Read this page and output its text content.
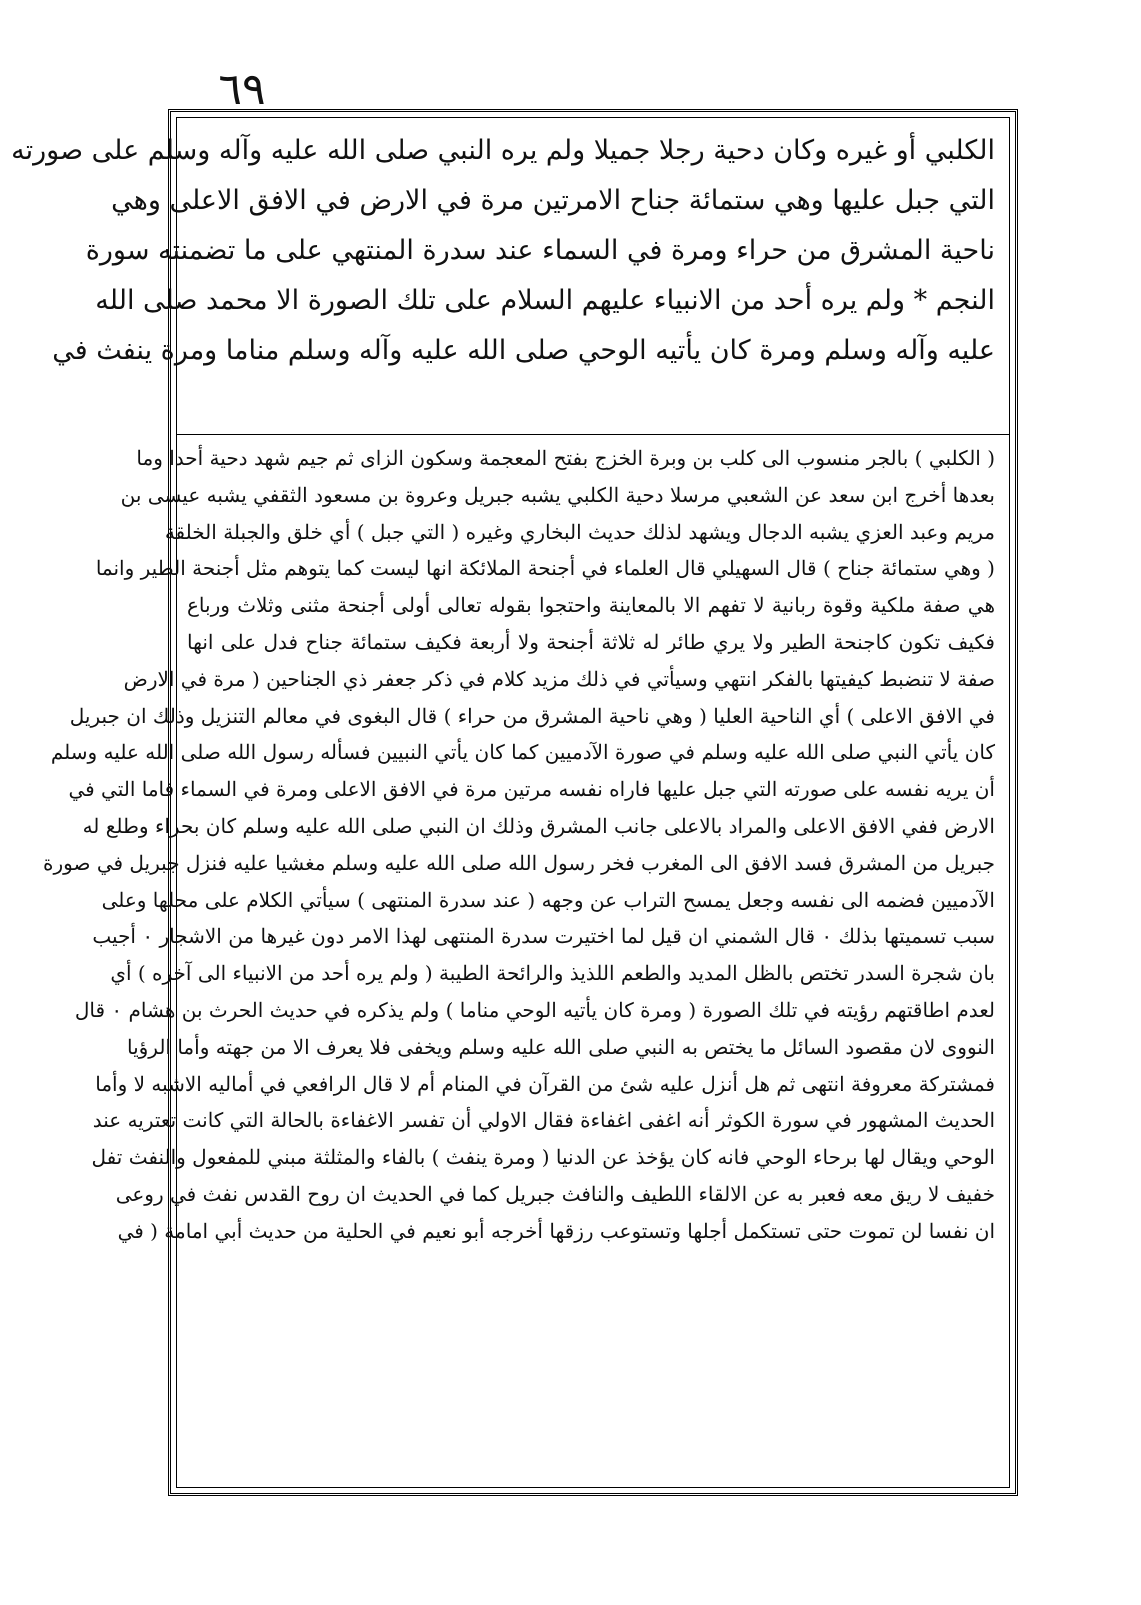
٦٩
الكلبي أو غيره وكان دحية رجلا جميلا ولم يره النبي صلى الله عليه وآله وسلم على صورته
التي جبل عليها وهي ستمائة جناح الامرتين مرة في الارض في الافق الاعلى وهي
ناحية المشرق من حراء ومرة في السماء عند سدرة المنتهي على ما تضمنته سورة
النجم * ولم يره أحد من الانبياء عليهم السلام على تلك الصورة الا محمد صلى الله
عليه وآله وسلم ومرة كان يأتيه الوحي صلى الله عليه وآله وسلم مناما ومرة ينفث في
( الكلبي ) بالجر منسوب الى كلب بن وبرة الخزج بفتح المعجمة وسكون الزاى ثم جيم شهد دحية أحدا وما
بعدها أخرج ابن سعد عن الشعبي مرسلا دحية الكلبي يشبه جبريل وعروة بن مسعود الثقفي يشبه عيسى بن
مريم وعبد العزي يشبه الدجال ويشهد لذلك حديث البخاري وغيره ( التي جبل ) أي خلق والجبلة الخلقة
( وهي ستمائة جناح ) قال السهيلي قال العلماء في أجنحة الملائكة انها ليست كما يتوهم مثل أجنحة الطير وانما
هي صفة ملكية وقوة ربانية لا تفهم الا بالمعاينة واحتجوا بقوله تعالى أولى أجنحة مثنى وثلاث ورباع
فكيف تكون كاجنحة الطير ولا يري طائر له ثلاثة أجنحة ولا أربعة فكيف ستمائة جناح فدل على انها
صفة لا تنضبط كيفيتها بالفكر انتهي وسيأتي في ذلك مزيد كلام في ذكر جعفر ذي الجناحين ( مرة في الارض
في الافق الاعلى ) أي الناحية العليا ( وهي ناحية المشرق من حراء ) قال البغوى في معالم التنزيل وذلك ان جبريل
كان يأتي النبي صلى الله عليه وسلم في صورة الآدميين كما كان يأتي النبيين فسأله رسول الله صلى الله عليه وسلم
أن يريه نفسه على صورته التي جبل عليها فاراه نفسه مرتين مرة في الافق الاعلى ومرة في السماء فاما التي في
الارض ففي الافق الاعلى والمراد بالاعلى جانب المشرق وذلك ان النبي صلى الله عليه وسلم كان بحراء وطلع له
جبريل من المشرق فسد الافق الى المغرب فخر رسول الله صلى الله عليه وسلم مغشيا عليه فنزل جبريل في صورة
الآدميين فضمه الى نفسه وجعل يمسح التراب عن وجهه ( عند سدرة المنتهى ) سيأتي الكلام على محلها وعلى
سبب تسميتها بذلك ٠ قال الشمني ان قيل لما اختيرت سدرة المنتهى لهذا الامر دون غيرها من الاشجار ٠ أجيب
بان شجرة السدر تختص بالظل المديد والطعم اللذيذ والرائحة الطيبة ( ولم يره أحد من الانبياء الى آخره ) أي
لعدم اطاقتهم رؤيته في تلك الصورة ( ومرة كان يأتيه الوحي مناما ) ولم يذكره في حديث الحرث بن هشام ٠ قال
النووى لان مقصود السائل ما يختص به النبي صلى الله عليه وسلم ويخفى فلا يعرف الا من جهته وأما الرؤيا
فمشتركة معروفة انتهى ثم هل أنزل عليه شئ من القرآن في المنام أم لا قال الرافعي في أماليه الاشبه لا وأما
الحديث المشهور في سورة الكوثر أنه اغفى اغفاءة فقال الاولي أن تفسر الاغفاءة بالحالة التي كانت تعتريه عند
الوحي ويقال لها برحاء الوحي فانه كان يؤخذ عن الدنيا ( ومرة ينفث ) بالفاء والمثلثة مبني للمفعول والنفث تفل
خفيف لا ريق معه فعبر به عن الالقاء اللطيف والنافث جبريل كما في الحديث ان روح القدس نفث في روعى
ان نفسا لن تموت حتى تستكمل أجلها وتستوعب رزقها أخرجه أبو نعيم في الحلية من حديث أبي امامة ( في
